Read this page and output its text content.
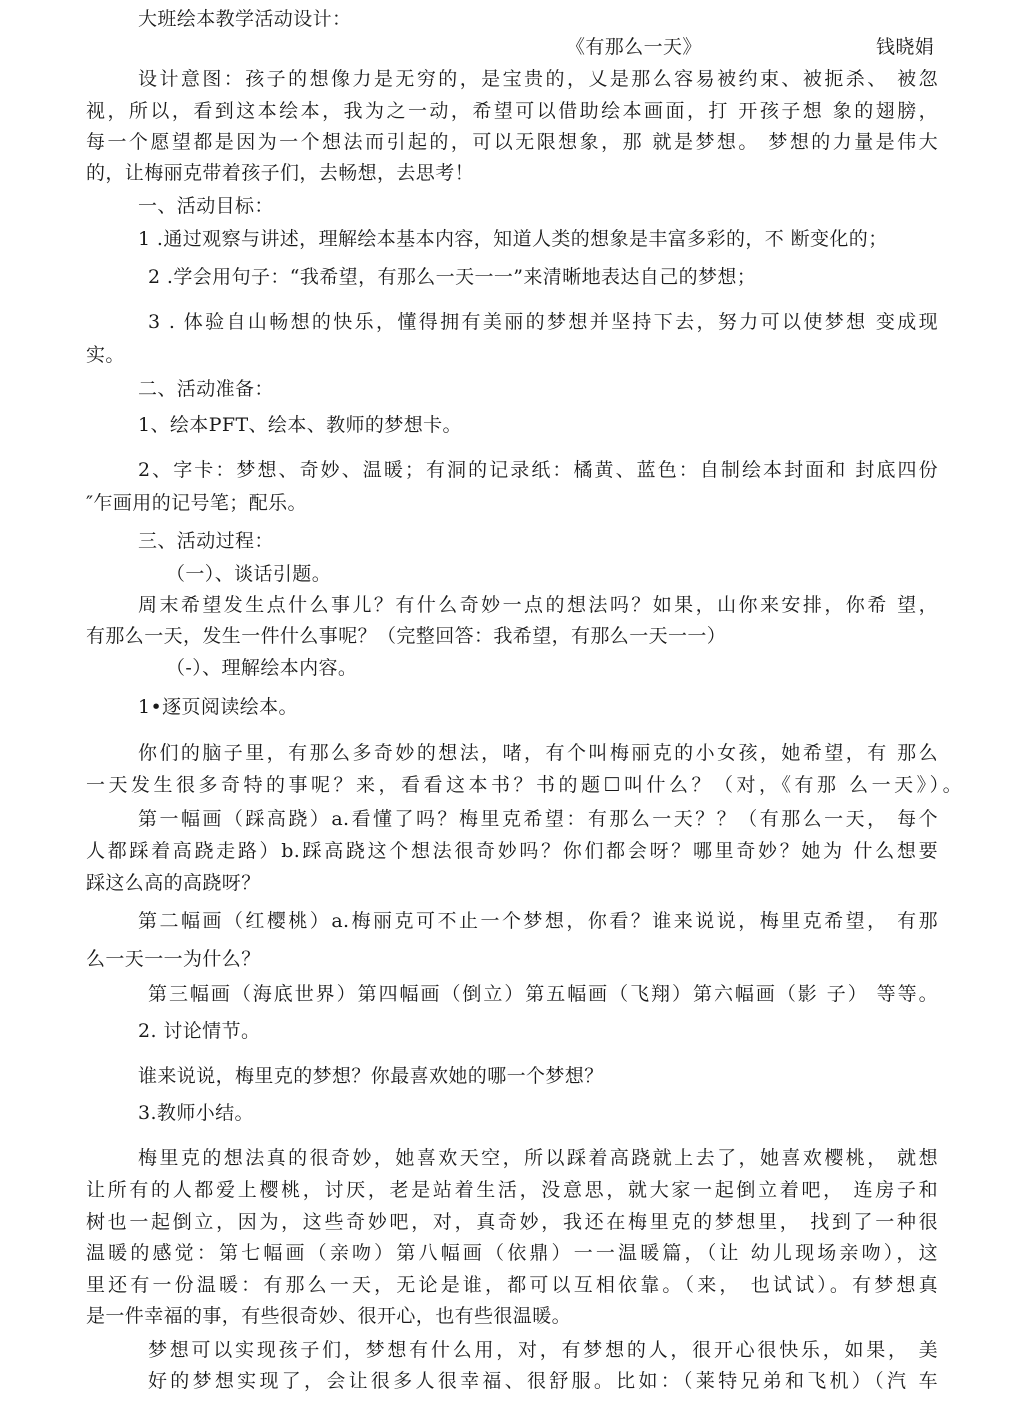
大班绘本教学活动设计：
《有那么一天》	钱晓娟
设计意图：孩子的想像力是无穷的，是宝贵的，乂是那么容易被约束、被扼杀、 被忽
视，所以，看到这本绘本，我为之一动，希望可以借助绘本画面，打 开孩子想 象的翅膀，
每一个愿望都是因为一个想法而引起的，可以无限想象，那 就是梦想。 梦想的力量是伟大
的，让梅丽克带着孩子们，去畅想，去思考！
一、活动目标：
1 .通过观察与讲述，理解绘本基本内容，知道人类的想象是丰富多彩的，不 断变化的；
2 .学会用句子：“我希望，有那么一天一一”来清晰地表达自己的梦想；
3 . 体验自山畅想的快乐，懂得拥有美丽的梦想并坚持下去，努力可以使梦想 变成现
实。
二、活动准备：
1、绘本PFT、绘本、教师的梦想卡。
2、字卡：梦想、奇妙、温暖；有洞的记录纸：橘黄、蓝色：自制绘本封面和 封底四份
″乍画用的记号笔；配乐。
三、活动过程：
（一）、谈话引题。
周末希望发生点什么事儿？有什么奇妙一点的想法吗？如果，山你来安排，你希 望，
有那么一天，发生一件什么事呢？（完整回答：我希望，有那么一天一一）
（-）、理解绘本内容。
1•逐页阅读绘本。
你们的脑子里，有那么多奇妙的想法，啫，有个叫梅丽克的小女孩，她希望，有 那么
一天发生很多奇特的事呢？来，看看这本书？书的题☐叫什么？（对，《有那 么一天》）。
第一幅画（踩高跷）a.看懂了吗？梅里克希望：有那么一天？？（有那么一天， 每个
人都踩着高跷走路）b.踩高跷这个想法很奇妙吗？你们都会呀？哪里奇妙？她为 什么想要
踩这么高的高跷呀？
第二幅画（红樱桃）a.梅丽克可不止一个梦想，你看？谁来说说，梅里克希望， 有那
么一天一一为什么？
第三幅画（海底世界）第四幅画（倒立）第五幅画（飞翔）第六幅画（影 子） 等等。
2. 讨论情节。
谁来说说，梅里克的梦想？你最喜欢她的哪一个梦想？
3.教师小结。
梅里克的想法真的很奇妙，她喜欢天空，所以踩着高跷就上去了，她喜欢樱桃， 就想
让所有的人都爱上樱桃，讨厌，老是站着生活，没意思，就大家一起倒立着吧， 连房子和
树也一起倒立，因为，这些奇妙吧，对，真奇妙，我还在梅里克的梦想里， 找到了一种很
温暖的感觉：第七幅画（亲吻）第八幅画（依鼎）一一温暖篇，（让 幼儿现场亲吻），这
里还有一份温暖：有那么一天，无论是谁，都可以互相依靠。（来， 也试试）。有梦想真
是一件幸福的事，有些很奇妙、很开心，也有些很温暖。
梦想可以实现孩子们，梦想有什么用，对，有梦想的人，很开心很快乐，如果， 美
好的梦想实现了，会让很多人很幸福、很舒服。比如：（莱特兄弟和飞机）（汽 车
